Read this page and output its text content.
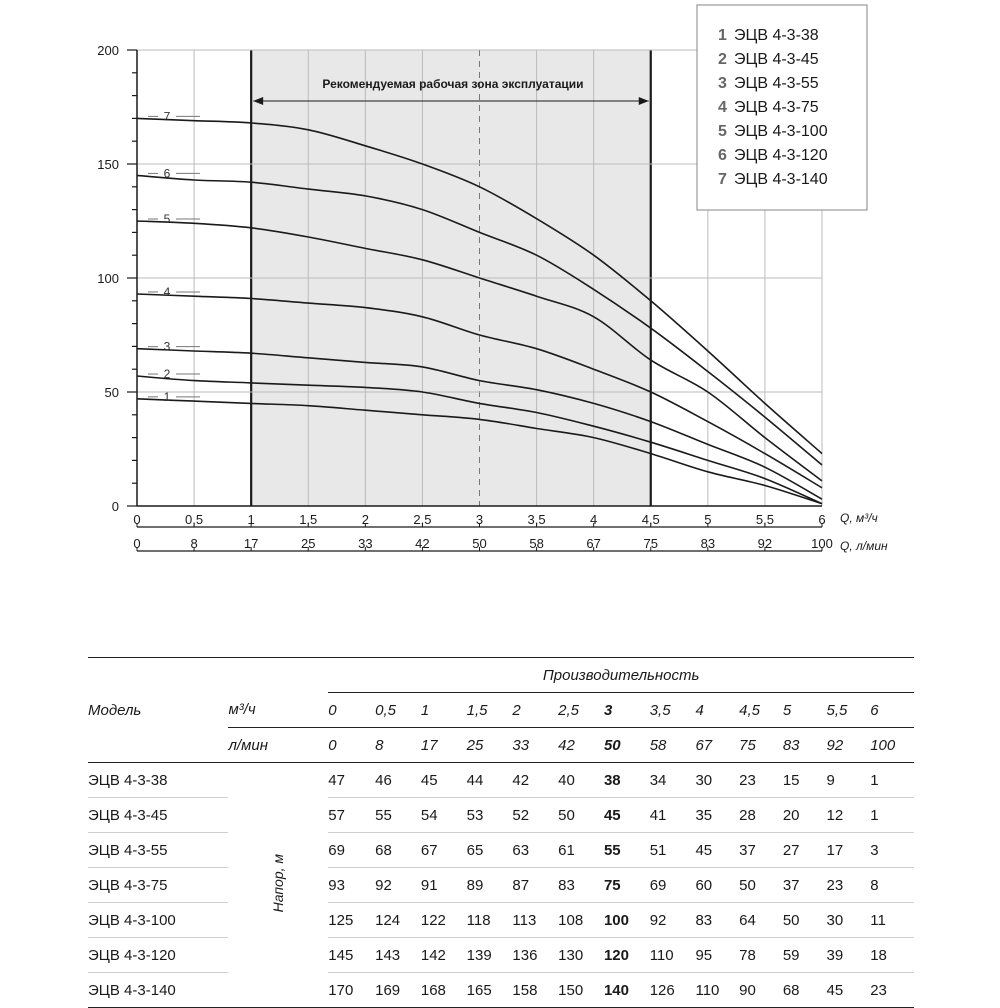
0
50
100
150
200
0
0
0,5
8
1
17
1,5
25
2
33
2,5
42
3
50
3,5
58
4
67
4,5
75
5
83
5,5
92
6
100
Q, м³/ч
Q, л/мин
Рекомендуемая рабочая зона эксплуатации
1
2
3
4
5
6
7
1 ЭЦВ 4-3-38
2 ЭЦВ 4-3-45
3 ЭЦВ 4-3-55
4 ЭЦВ 4-3-75
5 ЭЦВ 4-3-100
6 ЭЦВ 4-3-120
7 ЭЦВ 4-3-140
		Производительность												
Модель	м³/ч	0	0,5	1	1,5	2	2,5	3	3,5	4	4,5	5	5,5	6
	л/мин	0	8	17	25	33	42	50	58	67	75	83	92	100
ЭЦВ 4-3-38	Напор, м	47	46	45	44	42	40	38	34	30	23	15	9	1
ЭЦВ 4-3-45		57	55	54	53	52	50	45	41	35	28	20	12	1
ЭЦВ 4-3-55		69	68	67	65	63	61	55	51	45	37	27	17	3
ЭЦВ 4-3-75		93	92	91	89	87	83	75	69	60	50	37	23	8
ЭЦВ 4-3-100		125	124	122	118	113	108	100	92	83	64	50	30	11
ЭЦВ 4-3-120		145	143	142	139	136	130	120	110	95	78	59	39	18
ЭЦВ 4-3-140		170	169	168	165	158	150	140	126	110	90	68	45	23
